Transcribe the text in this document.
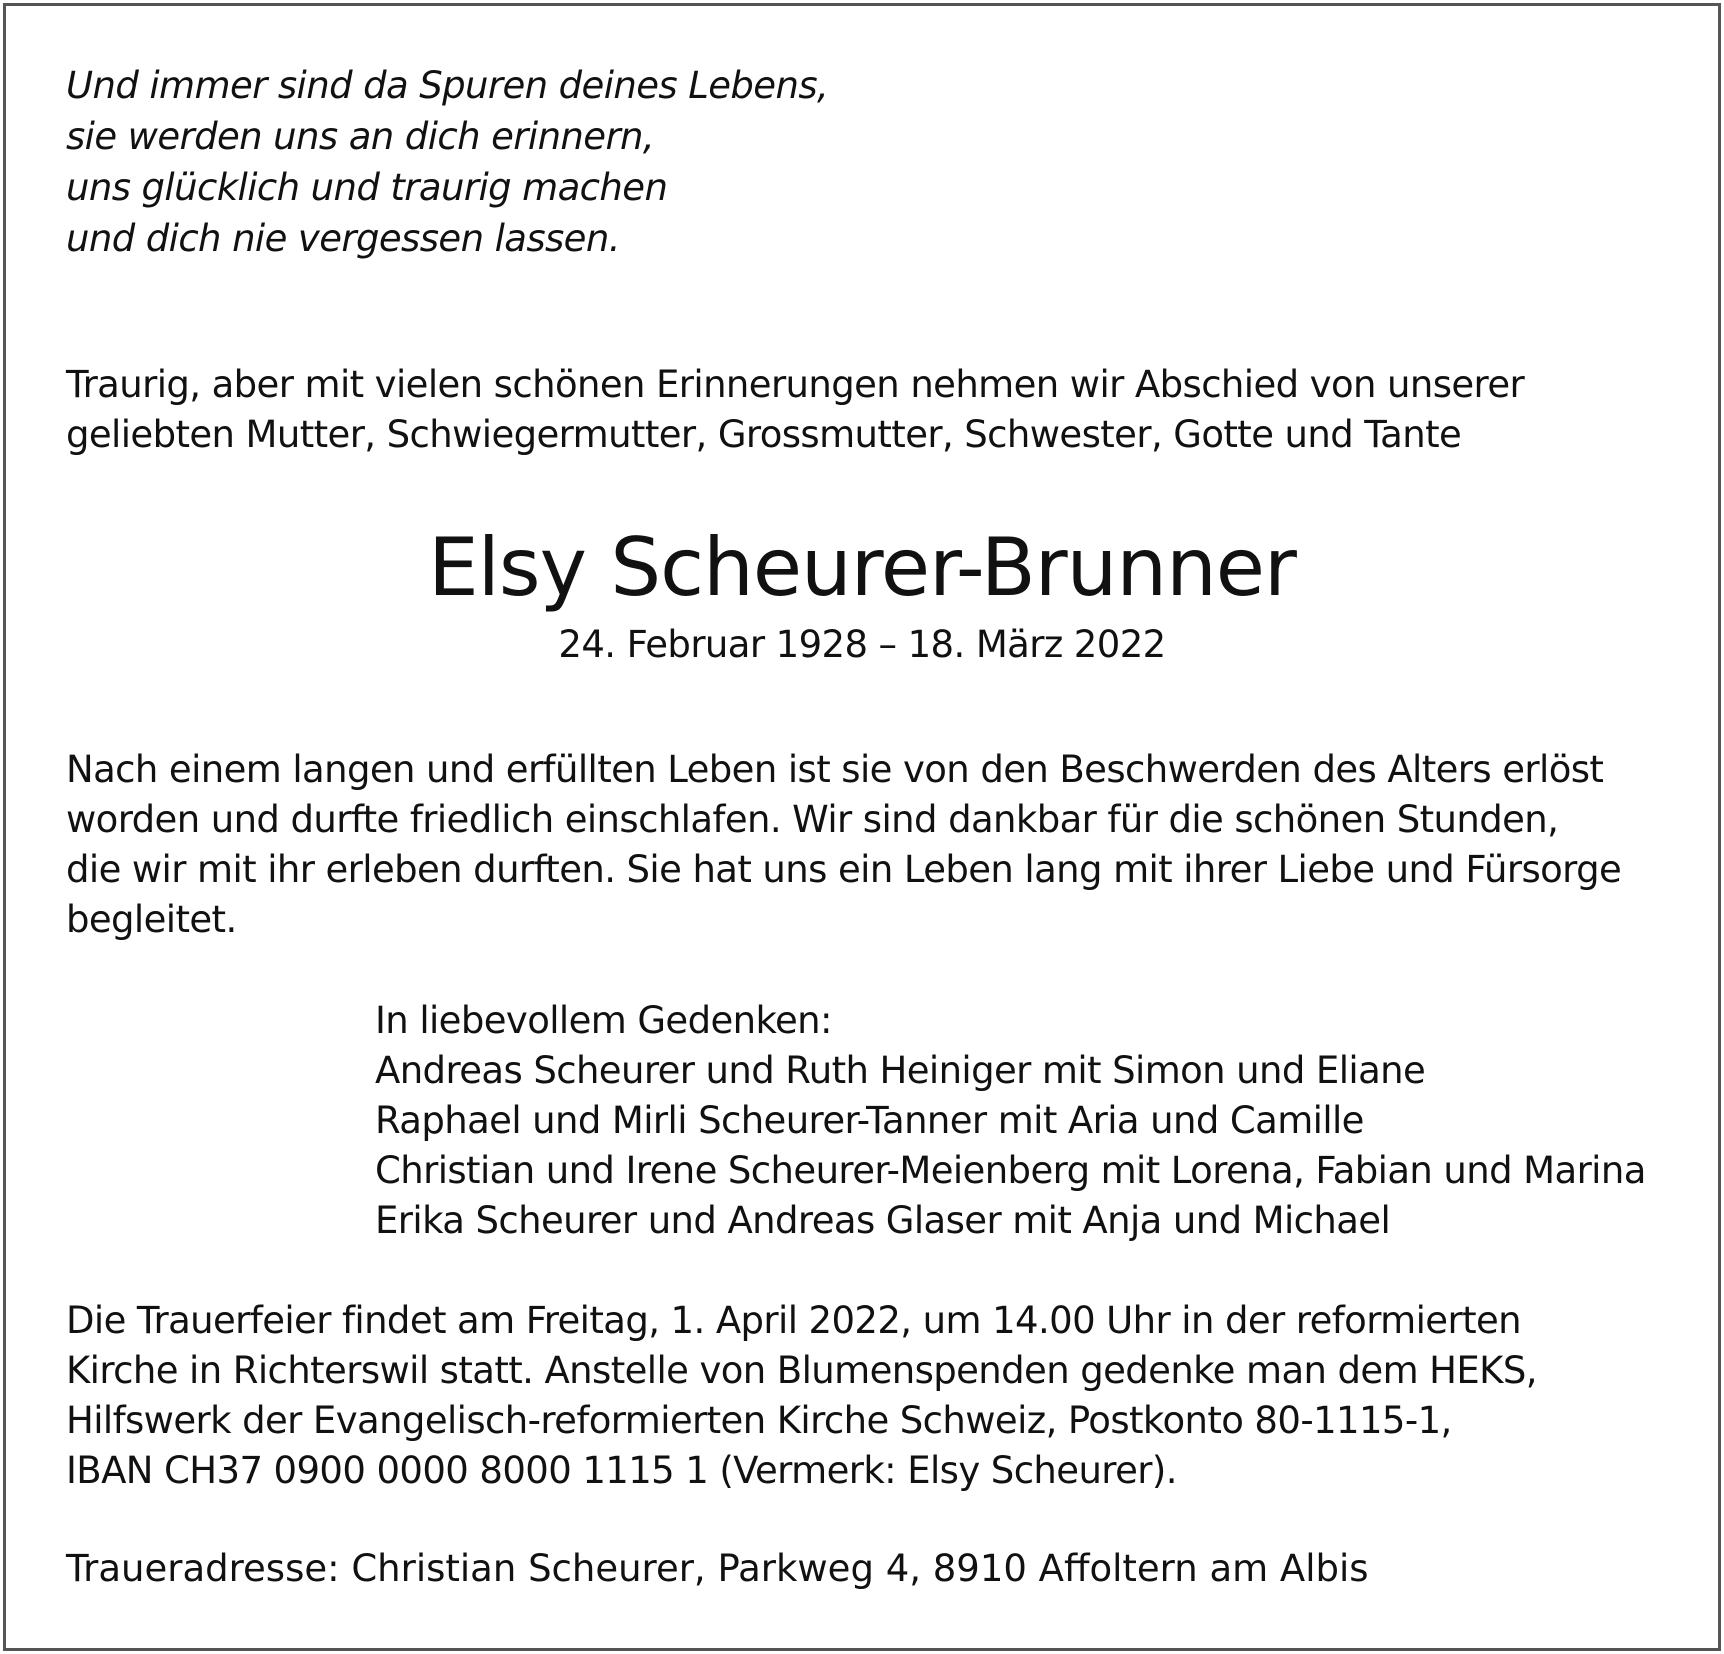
Und immer sind da Spuren deines Lebens,
sie werden uns an dich erinnern,
uns glücklich und traurig machen
und dich nie vergessen lassen.
Traurig, aber mit vielen schönen Erinnerungen nehmen wir Abschied von unserer
geliebten Mutter, Schwiegermutter, Grossmutter, Schwester, Gotte und Tante
Elsy Scheurer-Brunner
24. Februar 1928 – 18. März 2022
Nach einem langen und erfüllten Leben ist sie von den Beschwerden des Alters erlöst
worden und durfte friedlich einschlafen. Wir sind dankbar für die schönen Stunden,
die wir mit ihr erleben durften. Sie hat uns ein Leben lang mit ihrer Liebe und Fürsorge
begleitet.
In liebevollem Gedenken:
Andreas Scheurer und Ruth Heiniger mit Simon und Eliane
Raphael und Mirli Scheurer-Tanner mit Aria und Camille
Christian und Irene Scheurer-Meienberg mit Lorena, Fabian und Marina
Erika Scheurer und Andreas Glaser mit Anja und Michael
Die Trauerfeier findet am Freitag, 1. April 2022, um 14.00 Uhr in der reformierten
Kirche in Richterswil statt. Anstelle von Blumenspenden gedenke man dem HEKS,
Hilfswerk der Evangelisch-reformierten Kirche Schweiz, Postkonto 80-1115-1,
IBAN CH37 0900 0000 8000 1115 1 (Vermerk: Elsy Scheurer).
Traueradresse: Christian Scheurer, Parkweg 4, 8910 Affoltern am Albis
